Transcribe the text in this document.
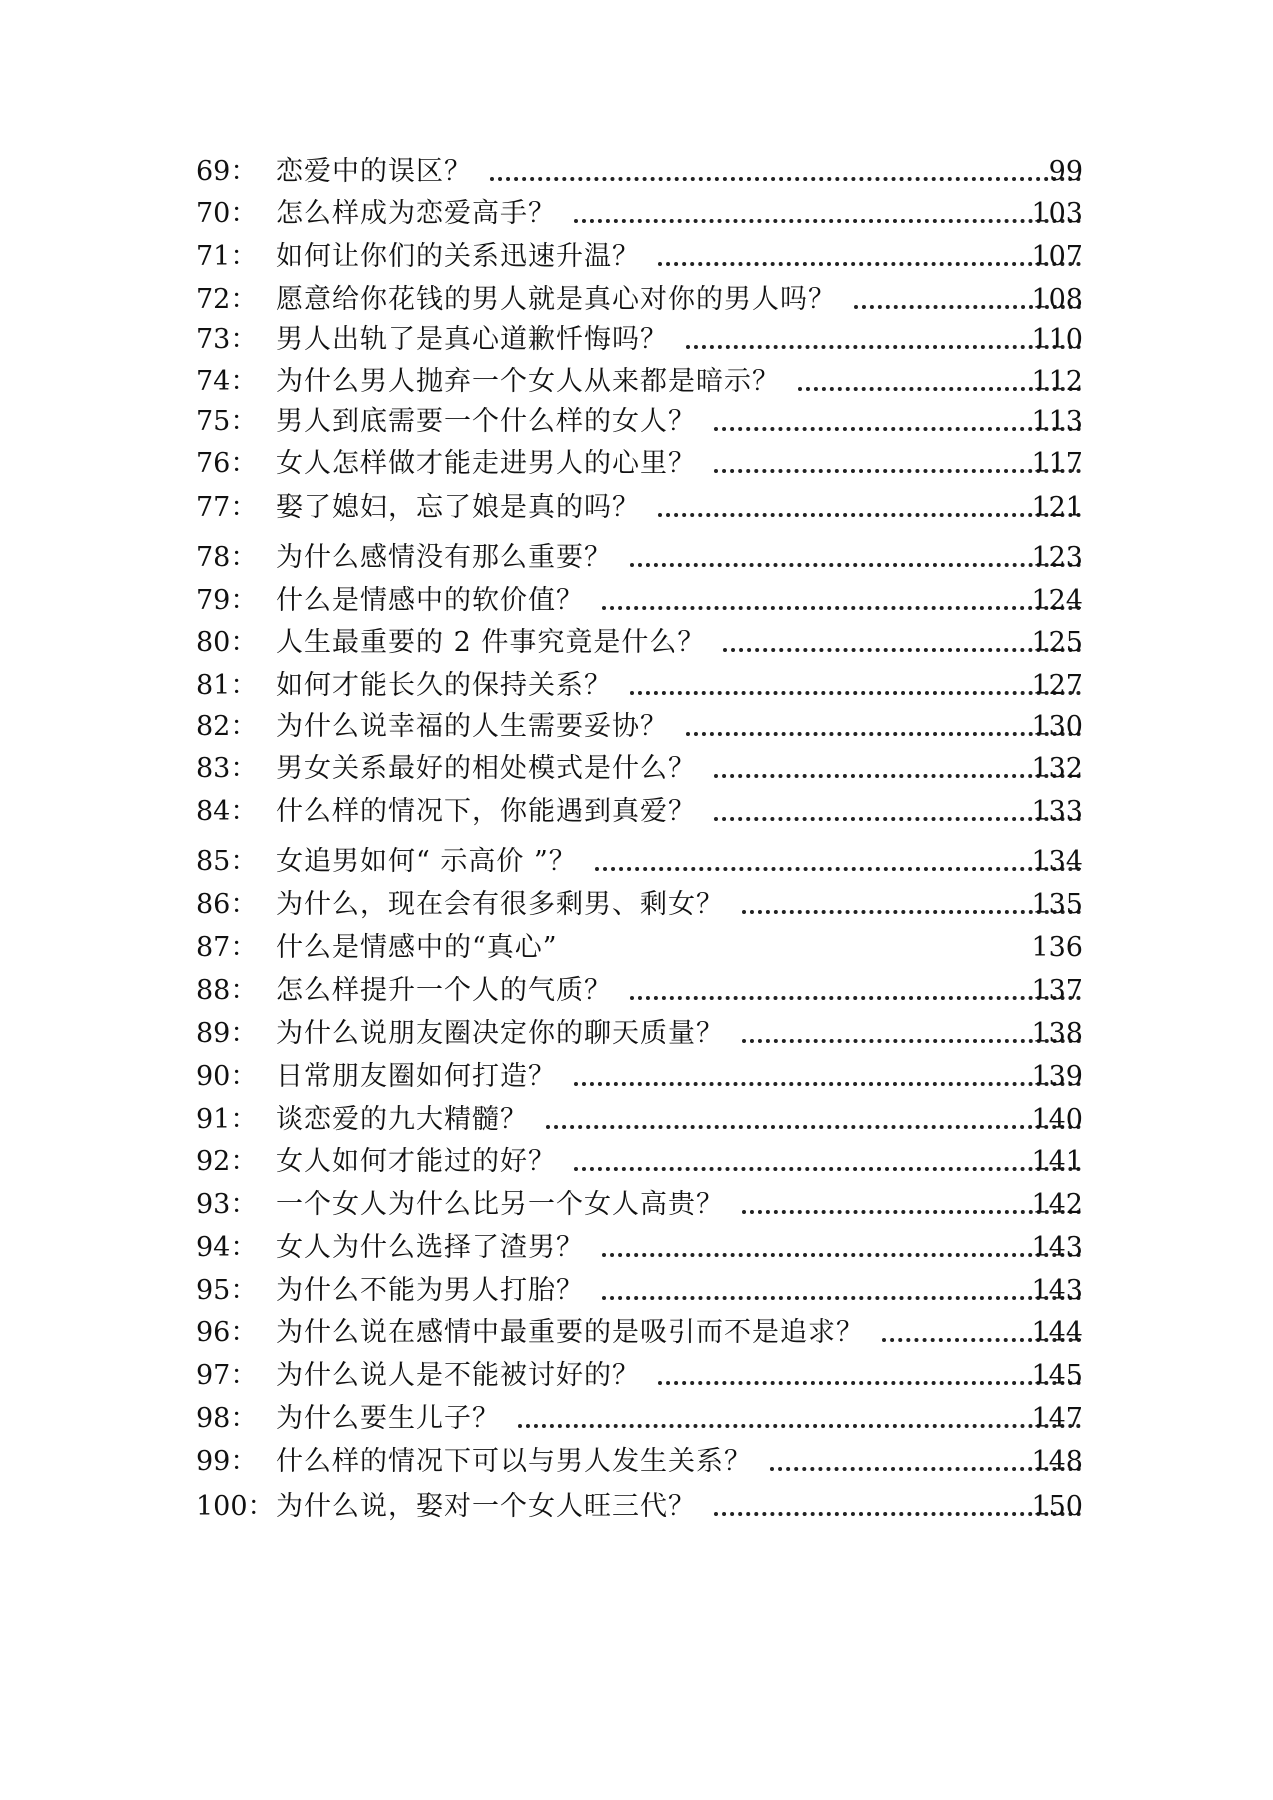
69： 恋爱中的误区？	99
70： 怎么样成为恋爱高手？	103
71： 如何让你们的关系迅速升温？	107
72： 愿意给你花钱的男人就是真心对你的男人吗？	108
73： 男人出轨了是真心道歉忏悔吗？	110
74： 为什么男人抛弃一个女人从来都是暗示？	112
75： 男人到底需要一个什么样的女人？	113
76： 女人怎样做才能走进男人的心里？	117
77： 娶了媳妇，忘了娘是真的吗？	121
78： 为什么感情没有那么重要？	123
79： 什么是情感中的软价值？	124
80： 人生最重要的 2 件事究竟是什么？	125
81： 如何才能长久的保持关系？	127
82： 为什么说幸福的人生需要妥协？	130
83： 男女关系最好的相处模式是什么？	132
84： 什么样的情况下，你能遇到真爱？	133
85： 女追男如何“ 示高价 ”？	134
86： 为什么，现在会有很多剩男、剩女？	135
87： 什么是情感中的“真心”	136
88： 怎么样提升一个人的气质？	137
89： 为什么说朋友圈决定你的聊天质量？	138
90： 日常朋友圈如何打造？	139
91： 谈恋爱的九大精髓？	140
92： 女人如何才能过的好？	141
93： 一个女人为什么比另一个女人高贵？	142
94： 女人为什么选择了渣男？	143
95： 为什么不能为男人打胎？	143
96： 为什么说在感情中最重要的是吸引而不是追求？	144
97： 为什么说人是不能被讨好的？	145
98： 为什么要生儿子？	147
99： 什么样的情况下可以与男人发生关系？	148
100： 为什么说，娶对一个女人旺三代？	150
